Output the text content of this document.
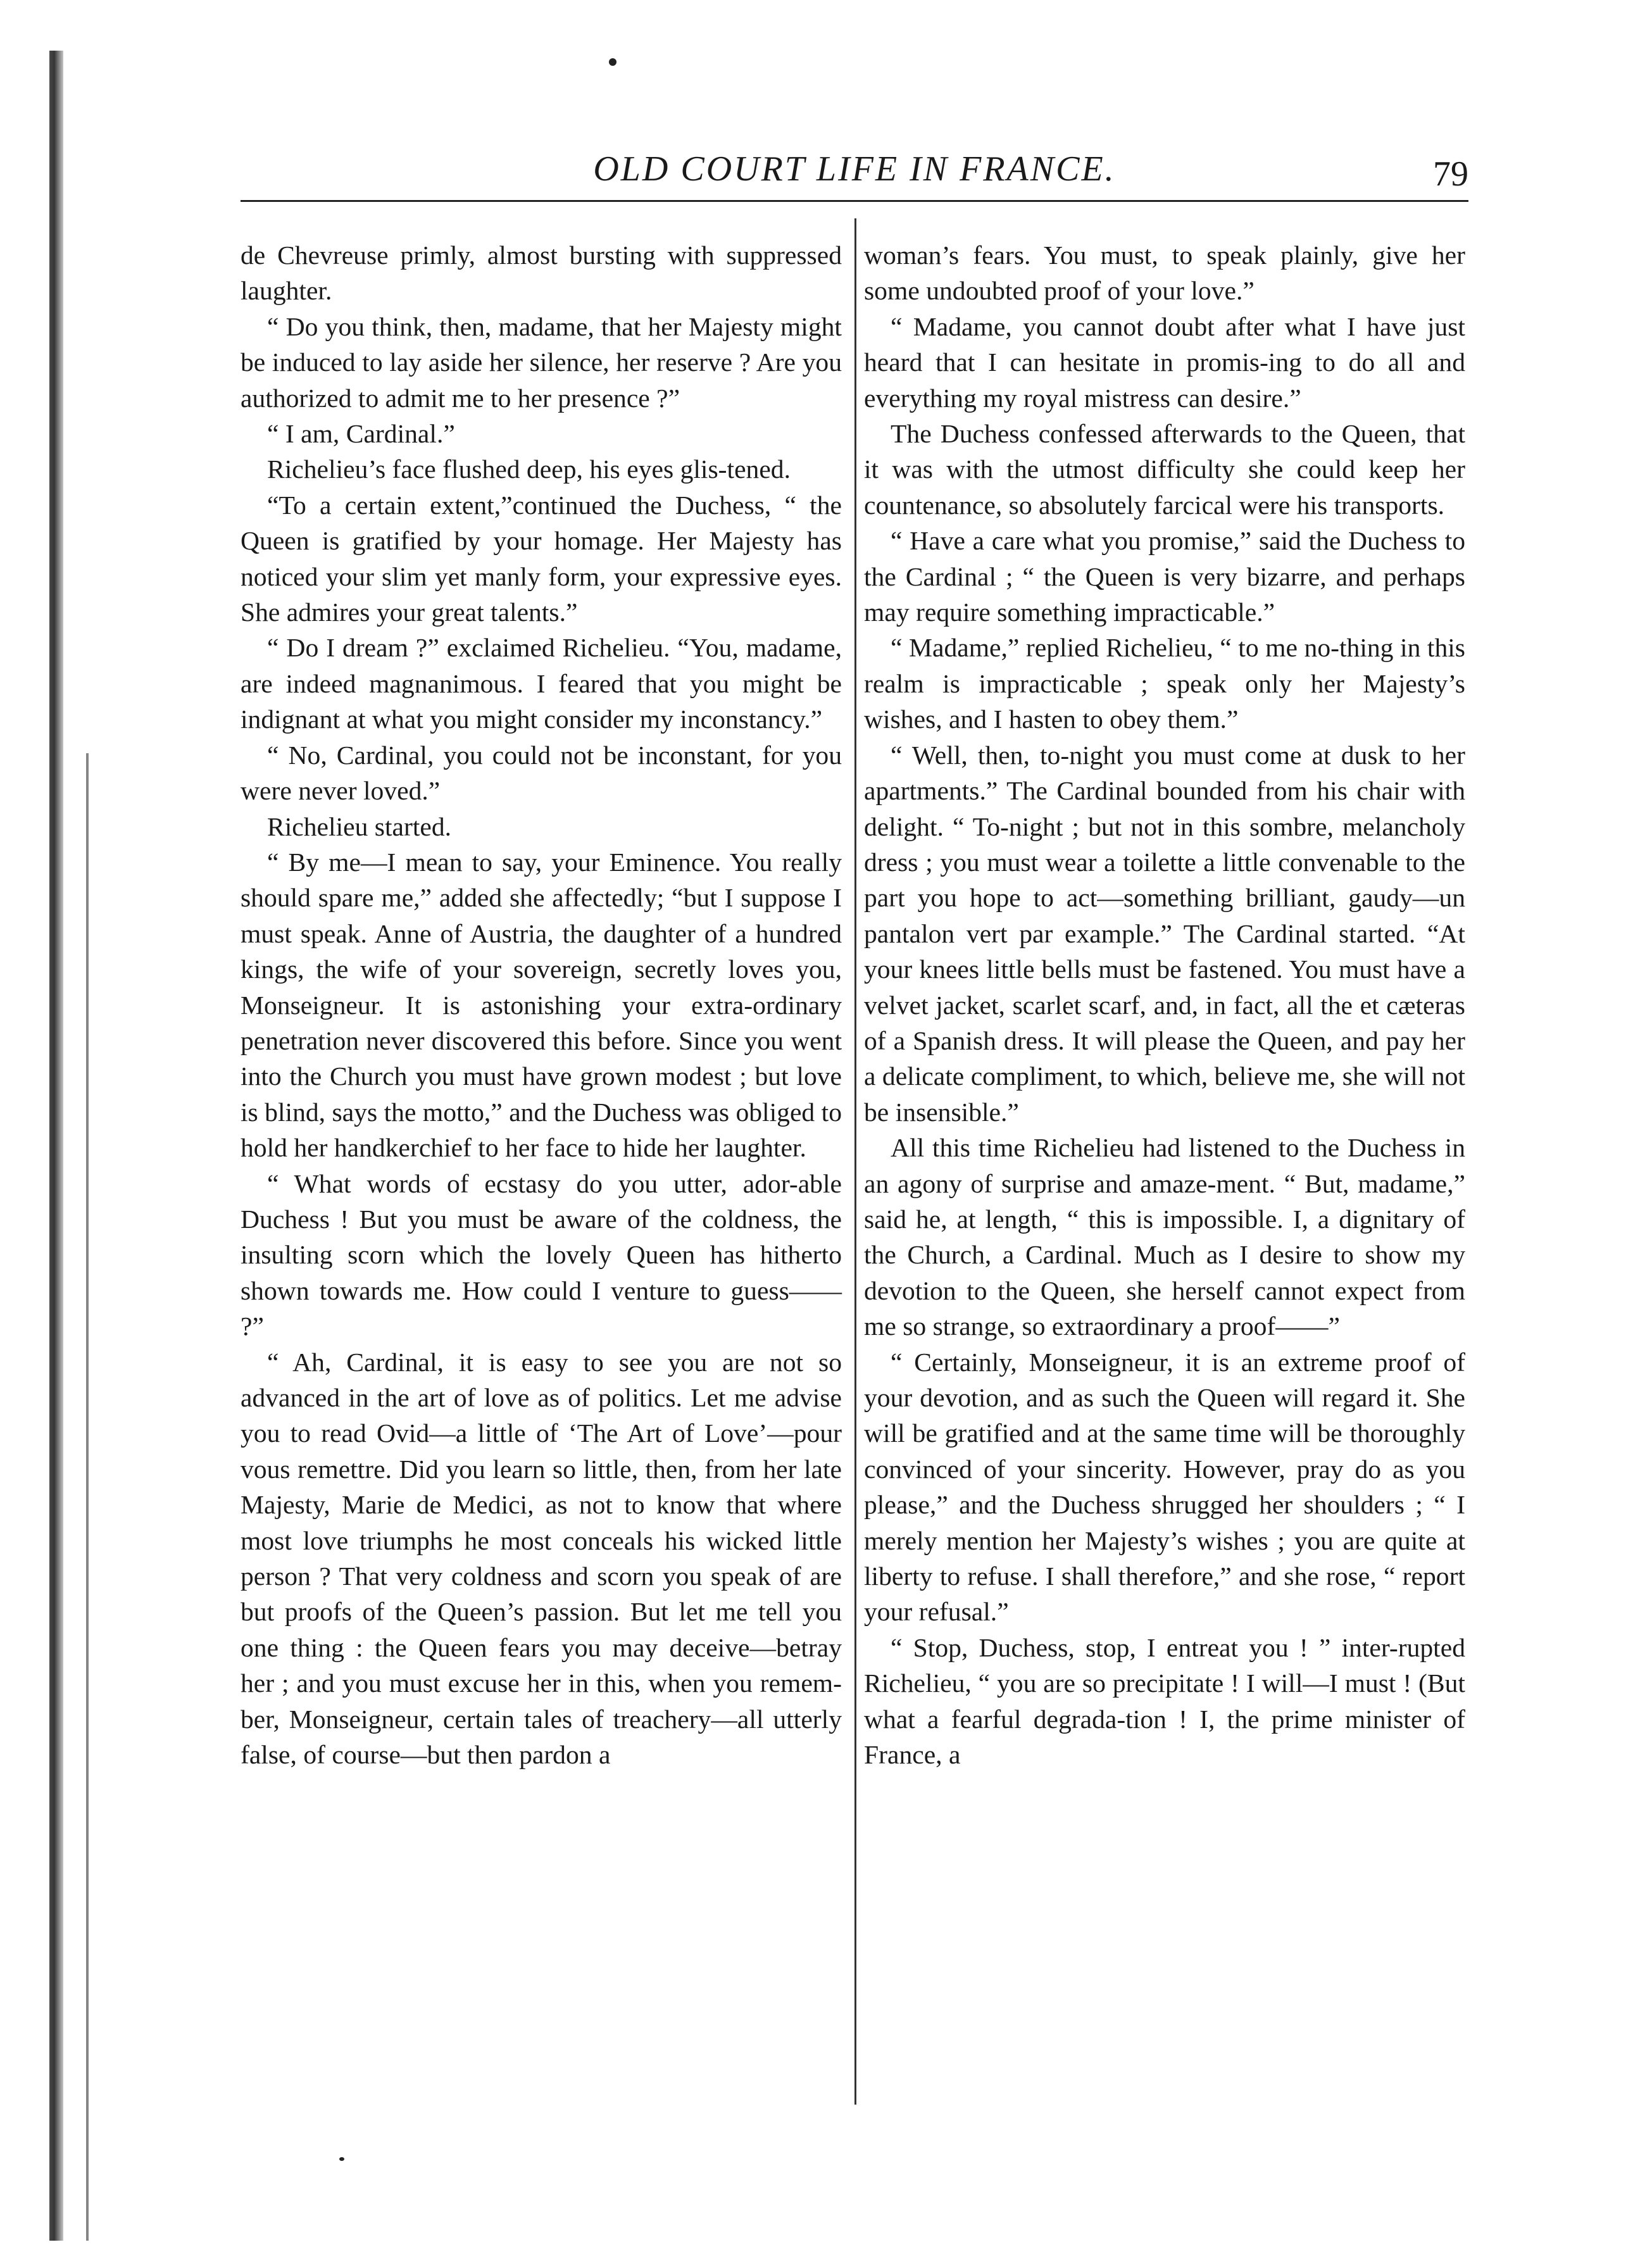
OLD COURT LIFE IN FRANCE.	79

de Chevreuse primly, almost bursting with suppressed laughter.

“ Do you think, then, madame, that her Majesty might be induced to lay aside her silence, her reserve ? Are you authorized to admit me to her presence ?”

“ I am, Cardinal.”

Richelieu’s face flushed deep, his eyes glis-tened.

“To a certain extent,”continued the Duchess, “ the Queen is gratified by your homage. Her Majesty has noticed your slim yet manly form, your expressive eyes. She admires your great talents.”

“ Do I dream ?” exclaimed Richelieu. “You, madame, are indeed magnanimous. I feared that you might be indignant at what you might consider my inconstancy.”

“ No, Cardinal, you could not be inconstant, for you were never loved.”

Richelieu started.

“ By me—I mean to say, your Eminence. You really should spare me,” added she affectedly; “but I suppose I must speak. Anne of Austria, the daughter of a hundred kings, the wife of your sovereign, secretly loves you, Monseigneur. It is astonishing your extra-ordinary penetration never discovered this before. Since you went into the Church you must have grown modest ; but love is blind, says the motto,” and the Duchess was obliged to hold her handkerchief to her face to hide her laughter.

“ What words of ecstasy do you utter, ador-able Duchess ! But you must be aware of the coldness, the insulting scorn which the lovely Queen has hitherto shown towards me. How could I venture to guess—— ?”

“ Ah, Cardinal, it is easy to see you are not so advanced in the art of love as of politics. Let me advise you to read Ovid—a little of ‘The Art of Love’—pour vous remettre. Did you learn so little, then, from her late Majesty, Marie de Medici, as not to know that where most love triumphs he most conceals his wicked little person ? That very coldness and scorn you speak of are but proofs of the Queen’s passion. But let me tell you one thing : the Queen fears you may deceive—betray her ; and you must excuse her in this, when you remem-ber, Monseigneur, certain tales of treachery—all utterly false, of course—but then pardon a

woman’s fears. You must, to speak plainly, give her some undoubted proof of your love.”

“ Madame, you cannot doubt after what I have just heard that I can hesitate in promis-ing to do all and everything my royal mistress can desire.”

The Duchess confessed afterwards to the Queen, that it was with the utmost difficulty she could keep her countenance, so absolutely farcical were his transports.

“ Have a care what you promise,” said the Duchess to the Cardinal ; “ the Queen is very bizarre, and perhaps may require something impracticable.”

“ Madame,” replied Richelieu, “ to me no-thing in this realm is impracticable ; speak only her Majesty’s wishes, and I hasten to obey them.”

“ Well, then, to-night you must come at dusk to her apartments.” The Cardinal bounded from his chair with delight. “ To-night ; but not in this sombre, melancholy dress ; you must wear a toilette a little convenable to the part you hope to act—something brilliant, gaudy—un pantalon vert par example.” The Cardinal started. “At your knees little bells must be fastened. You must have a velvet jacket, scarlet scarf, and, in fact, all the et cæteras of a Spanish dress. It will please the Queen, and pay her a delicate compliment, to which, believe me, she will not be insensible.”

All this time Richelieu had listened to the Duchess in an agony of surprise and amaze-ment. “ But, madame,” said he, at length, “ this is impossible. I, a dignitary of the Church, a Cardinal. Much as I desire to show my devotion to the Queen, she herself cannot expect from me so strange, so extraordinary a proof——”

“ Certainly, Monseigneur, it is an extreme proof of your devotion, and as such the Queen will regard it. She will be gratified and at the same time will be thoroughly convinced of your sincerity. However, pray do as you please,” and the Duchess shrugged her shoulders ; “ I merely mention her Majesty’s wishes ; you are quite at liberty to refuse. I shall therefore,” and she rose, “ report your refusal.”

“ Stop, Duchess, stop, I entreat you ! ” inter-rupted Richelieu, “ you are so precipitate ! I will—I must ! (But what a fearful degrada-tion ! I, the prime minister of France, a
